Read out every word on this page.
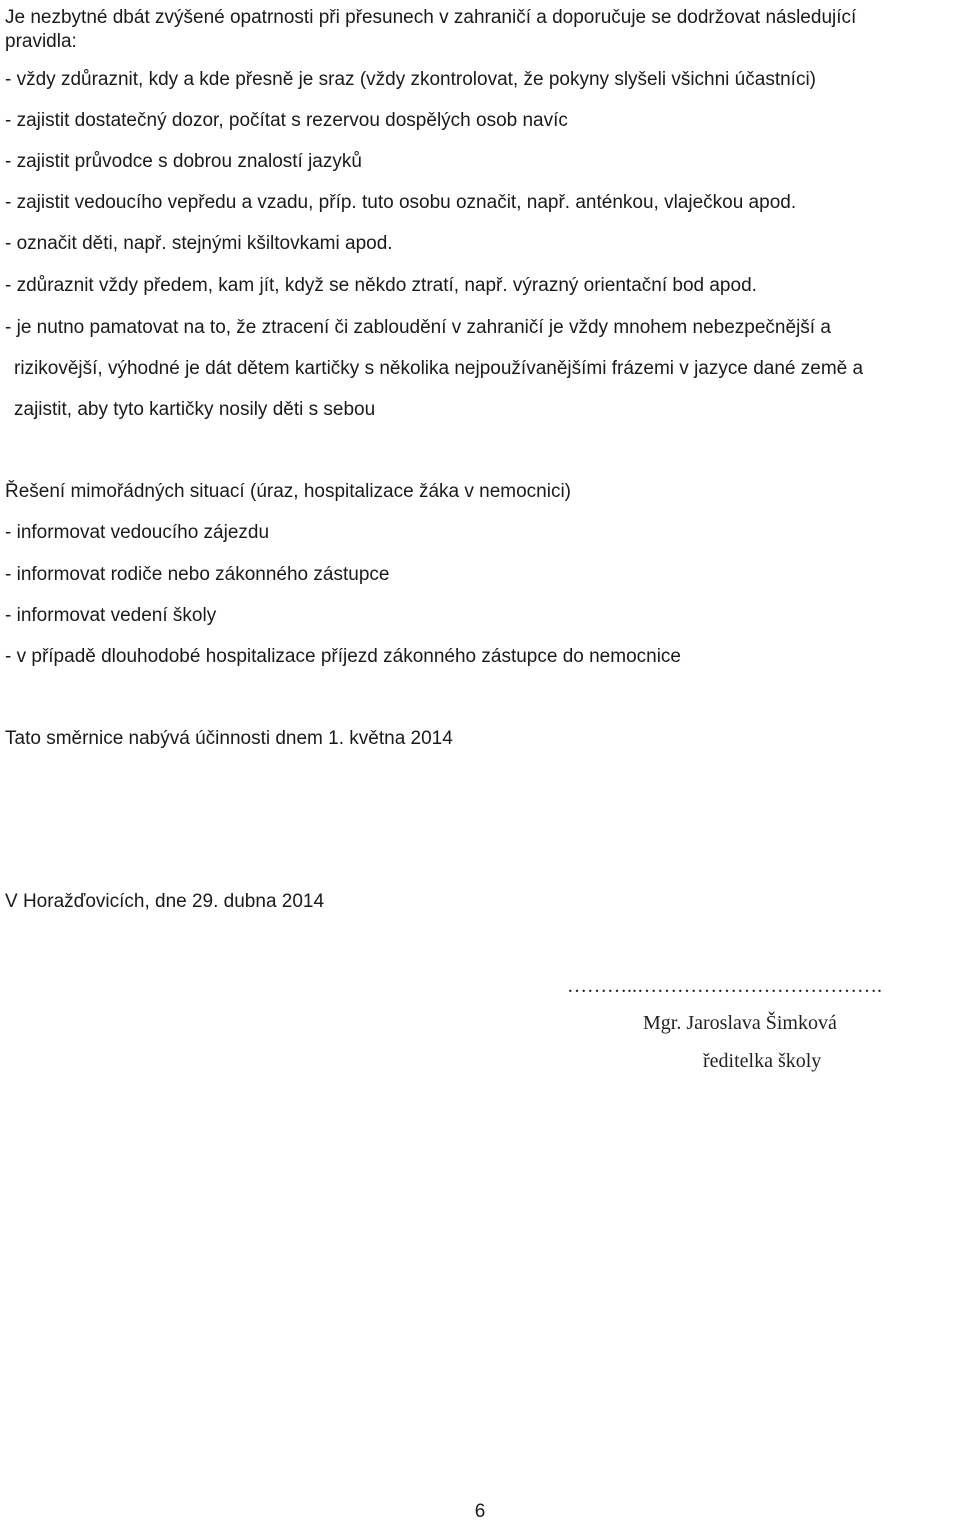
Je nezbytné dbát zvýšené opatrnosti při přesunech v zahraničí a doporučuje se dodržovat následující
pravidla:
- vždy zdůraznit, kdy a kde přesně je sraz (vždy zkontrolovat, že pokyny slyšeli všichni účastníci)
- zajistit dostatečný dozor, počítat s rezervou dospělých osob navíc
- zajistit průvodce s dobrou znalostí jazyků
- zajistit vedoucího vepředu a vzadu, příp. tuto osobu označit, např. anténkou, vlaječkou apod.
- označit děti, např. stejnými kšiltovkami apod.
- zdůraznit vždy předem, kam jít, když se někdo ztratí, např. výrazný orientační bod apod.
- je nutno pamatovat na to, že ztracení či zabloudění v zahraničí je vždy mnohem nebezpečnější a
rizikovější, výhodné je dát dětem kartičky s několika nejpoužívanějšími frázemi v jazyce dané země a
zajistit, aby tyto kartičky nosily děti s sebou
Řešení mimořádných situací (úraz, hospitalizace žáka v nemocnici)
- informovat vedoucího zájezdu
- informovat rodiče nebo zákonného zástupce
- informovat vedení školy
- v případě dlouhodobé hospitalizace příjezd zákonného zástupce do nemocnice
Tato směrnice nabývá účinnosti dnem 1. května 2014
V Horažďovicích, dne 29. dubna 2014
………..……………………………….
Mgr. Jaroslava Šimková
ředitelka školy
6
